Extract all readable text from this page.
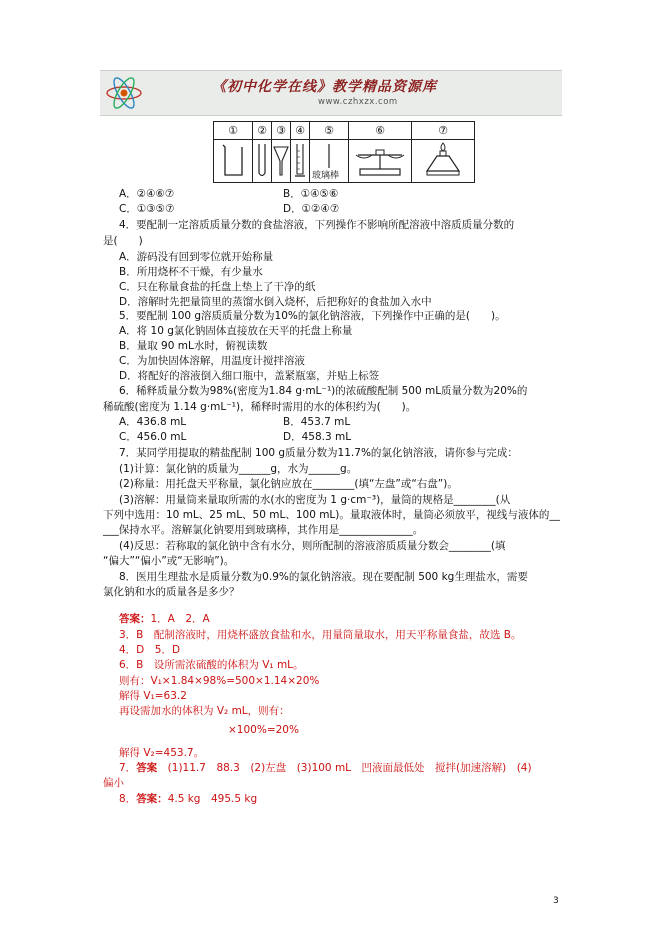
《初中化学在线》教学精品资源库
www.czhxzx.com
①	②	③	④	⑤	⑥	⑦

玻璃棒

A．②④⑥⑦	B．①④⑤⑥
C．①③⑤⑦	D．①②④⑦
4．要配制一定溶质质量分数的食盐溶液，下列操作不影响所配溶液中溶质质量分数的
是(　　)
A．游码没有回到零位就开始称量
B．所用烧杯不干燥，有少量水
C．只在称量食盐的托盘上垫上了干净的纸
D．溶解时先把量筒里的蒸馏水倒入烧杯，后把称好的食盐加入水中
5．要配制 100 g溶质质量分数为10%的氯化钠溶液，下列操作中正确的是(　　)。
A．将 10 g氯化钠固体直接放在天平的托盘上称量
B．量取 90 mL水时，俯视读数
C．为加快固体溶解，用温度计搅拌溶液
D．将配好的溶液倒入细口瓶中，盖紧瓶塞，并贴上标签
6．稀释质量分数为98%(密度为1.84 g·mL⁻¹)的浓硫酸配制 500 mL质量分数为20%的
稀硫酸(密度为 1.14 g·mL⁻¹)，稀释时需用的水的体积约为(　　)。
A．436.8 mL	B．453.7 mL
C．456.0 mL	D．458.3 mL
7．某同学用提取的精盐配制 100 g质量分数为11.7%的氯化钠溶液，请你参与完成：
(1)计算：氯化钠的质量为______g，水为______g。
(2)称量：用托盘天平称量，氯化钠应放在________(填“左盘”或“右盘”)。
(3)溶解：用量筒来量取所需的水(水的密度为 1 g·cm⁻³)，量筒的规格是________(从
下列中选用：10 mL、25 mL、50 mL、100 mL)。量取液体时，量筒必须放平，视线与液体的__
___保持水平。溶解氯化钠要用到玻璃棒，其作用是______________。
(4)反思：若称取的氯化钠中含有水分，则所配制的溶液溶质质量分数会________(填
“偏大”“偏小”或“无影响”)。
8．医用生理盐水是质量分数为0.9%的氯化钠溶液。现在要配制 500 kg生理盐水，需要
氯化钠和水的质量各是多少？
答案：1．A　2．A
3．B　配制溶液时，用烧杯盛放食盐和水，用量筒量取水，用天平称量食盐，故选 B。
4．D　5．D
6．B　设所需浓硫酸的体积为 V₁ mL。
则有：V₁×1.84×98%=500×1.14×20%
解得 V₁=63.2
再设需加水的体积为 V₂ mL，则有：
×100%=20%
解得 V₂=453.7。
7．答案　(1)11.7　88.3　(2)左盘　(3)100 mL　凹液面最低处　搅拌(加速溶解)　(4)
偏小
8．答案：4.5 kg　495.5 kg
3
